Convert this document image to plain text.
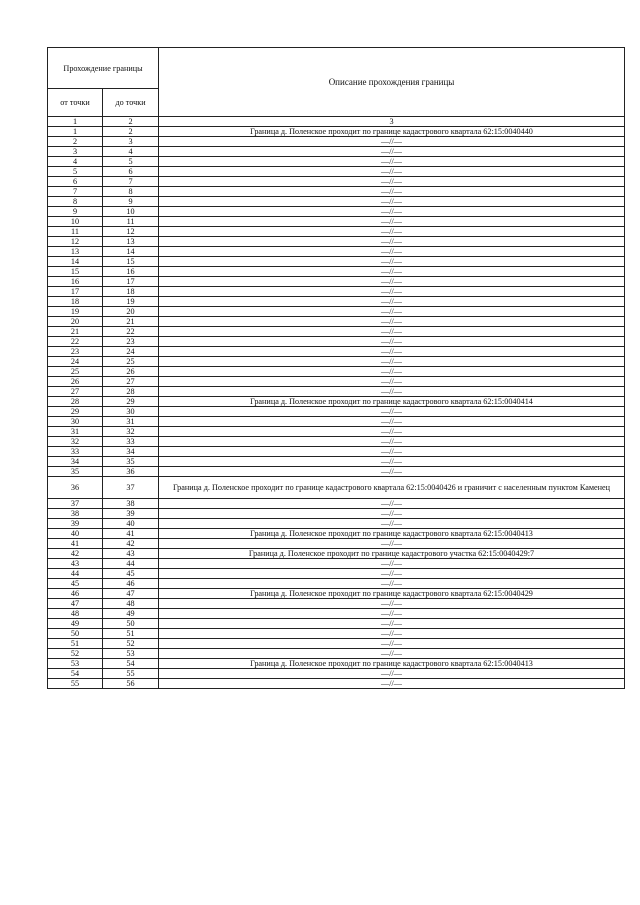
Прохождение границы		Описание прохождения границы
от точки	до точки	
1	2	3
1	2	Граница д. Поленское проходит по границе кадастрового квартала 62:15:0040440
2	3	—//—
3	4	—//—
4	5	—//—
5	6	—//—
6	7	—//—
7	8	—//—
8	9	—//—
9	10	—//—
10	11	—//—
11	12	—//—
12	13	—//—
13	14	—//—
14	15	—//—
15	16	—//—
16	17	—//—
17	18	—//—
18	19	—//—
19	20	—//—
20	21	—//—
21	22	—//—
22	23	—//—
23	24	—//—
24	25	—//—
25	26	—//—
26	27	—//—
27	28	—//—
28	29	Граница д. Поленское проходит по границе кадастрового квартала 62:15:0040414
29	30	—//—
30	31	—//—
31	32	—//—
32	33	—//—
33	34	—//—
34	35	—//—
35	36	—//—
36	37	Граница д. Поленское проходит по границе кадастрового квартала 62:15:0040426 и граничит с населенным пунктом Каменец
37	38	—//—
38	39	—//—
39	40	—//—
40	41	Граница д. Поленское проходит по границе кадастрового квартала 62:15:0040413
41	42	—//—
42	43	Граница д. Поленское проходит по границе кадастрового участка 62:15:0040429:7
43	44	—//—
44	45	—//—
45	46	—//—
46	47	Граница д. Поленское проходит по границе кадастрового квартала 62:15:0040429
47	48	—//—
48	49	—//—
49	50	—//—
50	51	—//—
51	52	—//—
52	53	—//—
53	54	Граница д. Поленское проходит по границе кадастрового квартала 62:15:0040413
54	55	—//—
55	56	—//—
